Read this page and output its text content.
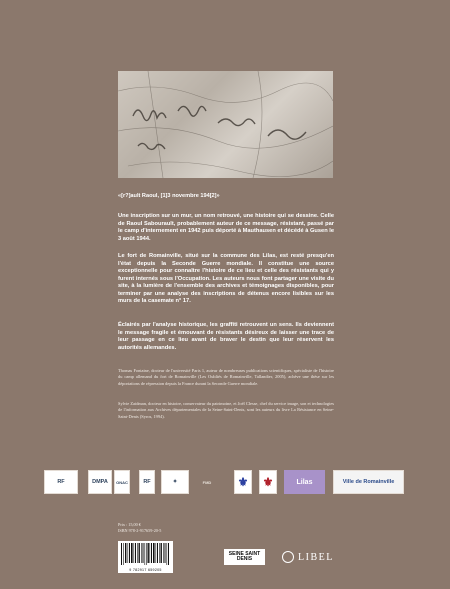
«[r?]ault Raoul, [1]3 novembre 194[2]»

Une inscription sur un mur, un nom retrouvé, une histoire qui se dessine. Celle de Raoul Sabourault, probablement auteur de ce message, résistant, passé par le camp d'internement en 1942 puis déporté à Mauthausen et décédé à Gusen le 3 août 1944.

Le fort de Romainville, situé sur la commune des Lilas, est resté presqu'en l'état depuis la Seconde Guerre mondiale. Il constitue une source exceptionnelle pour connaître l'histoire de ce lieu et celle des résistants qui y furent internés sous l'Occupation. Les auteurs nous font partager une visite du site, à la lumière de l'ensemble des archives et témoignages disponibles, pour terminer par une analyse des inscriptions de détenus encore lisibles sur les murs de la casemate n° 17.

Éclairés par l'analyse historique, les graffiti retrouvent un sens. Ils deviennent le message fragile et émouvant de résistants désireux de laisser une trace de leur passage en ce lieu avant de braver le destin que leur réservent les autorités allemandes.

Thomas Fontaine, docteur de l'université Paris 1, auteur de nombreuses publications scientifiques, spécialiste de l'histoire du camp allemand du fort de Romainville (Les Oubliés de Romainville, Tallandier, 2005), achève une thèse sur les déportations de répression depuis la France durant la Seconde Guerre mondiale.

Sylvie Zaidman, docteur en histoire, conservateur du patrimoine, et Joël Clesse, chef du service image, son et technologies de l'information aux Archives départementales de la Seine-Saint-Denis, sont les auteurs du livre La Résistance en Seine-Saint-Denis (Syros, 1994).

RF	DMPA ONAC	RF	✦	FMD ⚜ ⚜	Lilas	Ville de Romainville
Prix : 15,00 €
ISBN 978-2-917659-20-5
9 782917 659205
SEINE SAINT DENIS	LIBEL
